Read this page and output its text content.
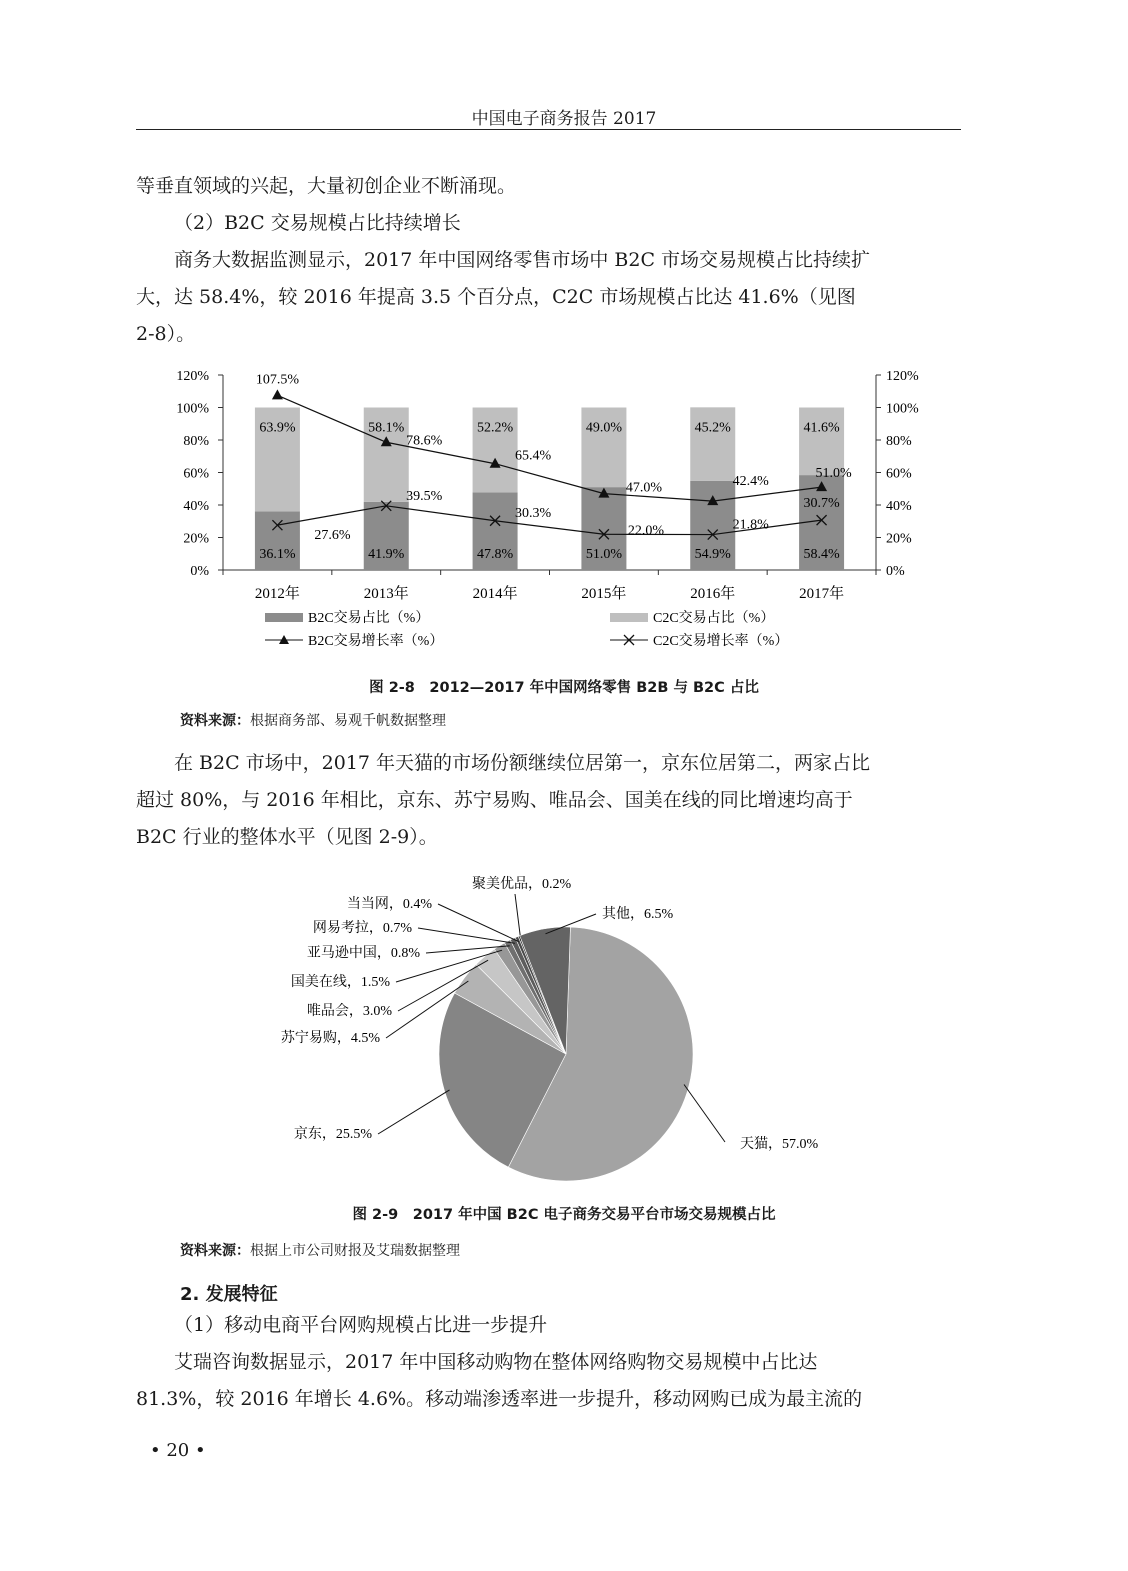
中国电子商务报告 2017

等垂直领域的兴起，大量初创企业不断涌现。

（2）B2C 交易规模占比持续增长

商务大数据监测显示，2017 年中国网络零售市场中 B2C 市场交易规模占比持续扩

大，达 58.4%，较 2016 年提高 3.5 个百分点，C2C 市场规模占比达 41.6%（见图

2-8）。

0%
20%
40%
60%
80%
100%
120%
0%
20%
40%
60%
80%
100%
120%
2012年	2013年	2014年	2015年	2016年	2017年
36.1%
63.9%
41.9%
58.1%
47.8%
52.2%
51.0%
49.0%
54.9%
45.2%
58.4%
41.6%
107.5%
78.6%
65.4%
47.0%	42.4%
51.0%
27.6%
39.5%
30.3%
22.0%	21.8%
30.7%
B2C交易占比（%）	C2C交易占比（%）
B2C交易增长率（%）	C2C交易增长率（%）
图 2-8　2012—2017 年中国网络零售 B2B 与 B2C 占比
资料来源：根据商务部、易观千帆数据整理

在 B2C 市场中，2017 年天猫的市场份额继续位居第一，京东位居第二，两家占比

超过 80%，与 2016 年相比，京东、苏宁易购、唯品会、国美在线的同比增速均高于

B2C 行业的整体水平（见图 2-9）。

天猫，57.0%
京东，25.5%
苏宁易购，4.5%
唯品会，3.0%
国美在线，1.5%
亚马逊中国，0.8%
网易考拉，0.7%
当当网，0.4%
聚美优品，0.2%
其他，6.5%
图 2-9　2017 年中国 B2C 电子商务交易平台市场交易规模占比
资料来源：根据上市公司财报及艾瑞数据整理
2. 发展特征

（1）移动电商平台网购规模占比进一步提升

艾瑞咨询数据显示，2017 年中国移动购物在整体网络购物交易规模中占比达

81.3%，较 2016 年增长 4.6%。移动端渗透率进一步提升，移动网购已成为最主流的

• 20 •
